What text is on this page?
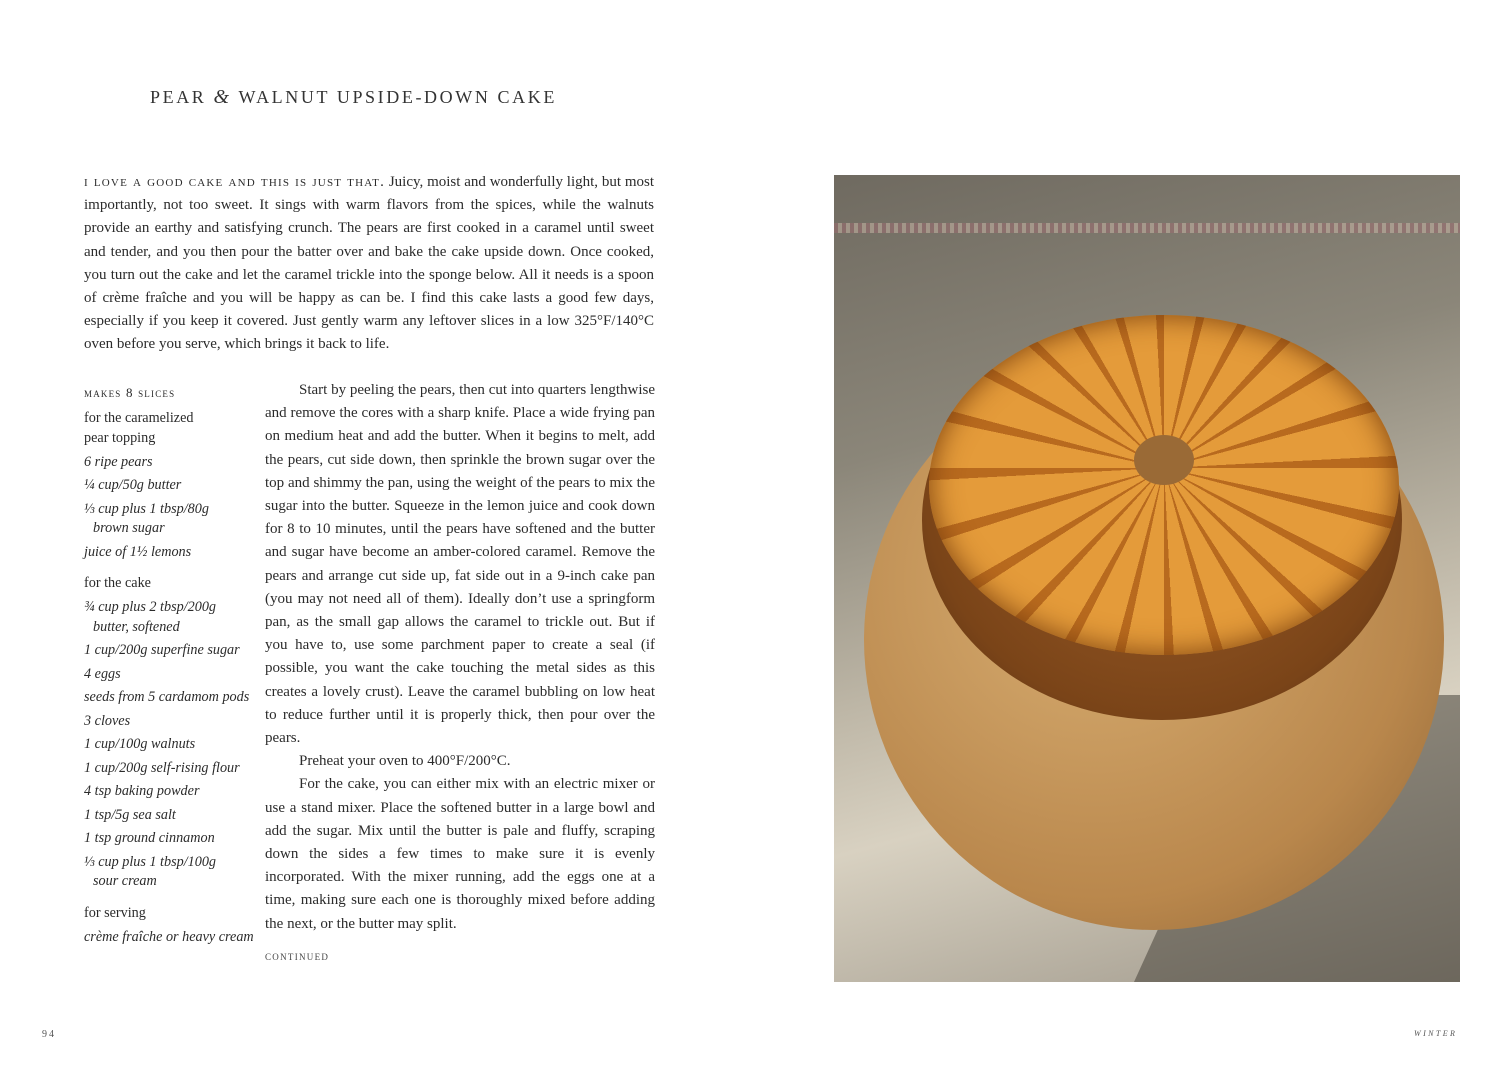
PEAR & WALNUT UPSIDE-DOWN CAKE
i love a good cake and this is just that. Juicy, moist and wonderfully light, but most importantly, not too sweet. It sings with warm flavors from the spices, while the walnuts provide an earthy and satisfying crunch. The pears are first cooked in a caramel until sweet and tender, and you then pour the batter over and bake the cake upside down. Once cooked, you turn out the cake and let the caramel trickle into the sponge below. All it needs is a spoon of crème fraîche and you will be happy as can be. I find this cake lasts a good few days, especially if you keep it covered. Just gently warm any leftover slices in a low 325°F/140°C oven before you serve, which brings it back to life.
makes 8 slices
for the caramelized pear topping
6 ripe pears
¼ cup/50g butter
⅓ cup plus 1 tbsp/80g
brown sugar
juice of 1½ lemons
for the cake
¾ cup plus 2 tbsp/200g
butter, softened
1 cup/200g superfine sugar
4 eggs
seeds from 5 cardamom pods
3 cloves
1 cup/100g walnuts
1 cup/200g self-rising flour
4 tsp baking powder
1 tsp/5g sea salt
1 tsp ground cinnamon
⅓ cup plus 1 tbsp/100g
sour cream
for serving
crème fraîche or heavy cream

Start by peeling the pears, then cut into quarters lengthwise and remove the cores with a sharp knife. Place a wide frying pan on medium heat and add the butter. When it begins to melt, add the pears, cut side down, then sprinkle the brown sugar over the top and shimmy the pan, using the weight of the pears to mix the sugar into the butter. Squeeze in the lemon juice and cook down for 8 to 10 minutes, until the pears have softened and the butter and sugar have become an amber-colored caramel. Remove the pears and arrange cut side up, fat side out in a 9-inch cake pan (you may not need all of them). Ideally don’t use a springform pan, as the small gap allows the caramel to trickle out. But if you have to, use some parchment paper to create a seal (if possible, you want the cake touching the metal sides as this creates a lovely crust). Leave the caramel bubbling on low heat to reduce further until it is properly thick, then pour over the pears.

Preheat your oven to 400°F/200°C.

For the cake, you can either mix with an electric mixer or use a stand mixer. Place the softened butter in a large bowl and add the sugar. Mix until the butter is pale and fluffy, scraping down the sides a few times to make sure it is evenly incorporated. With the mixer running, add the eggs one at a time, making sure each one is thoroughly mixed before adding the next, or the butter may split.

CONTINUED
94	WINTER
